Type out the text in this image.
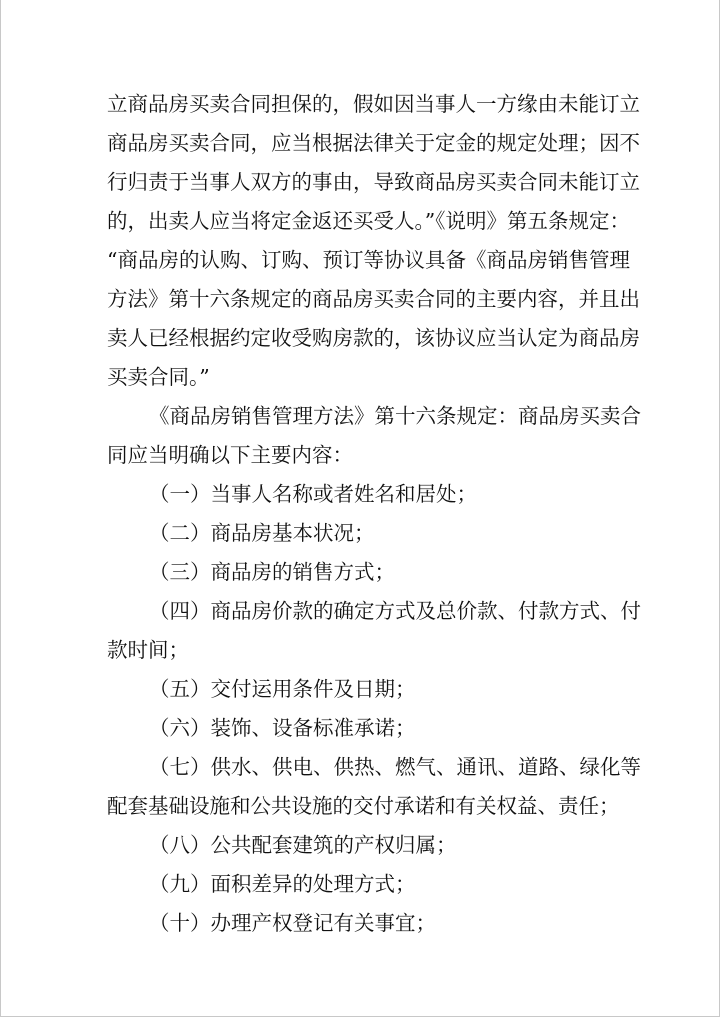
立商品房买卖合同担保的，假如因当事人一方缘由未能订立
商品房买卖合同，应当根据法律关于定金的规定处理；因不
行归责于当事人双方的事由，导致商品房买卖合同未能订立
的，出卖人应当将定金返还买受人。”《说明》第五条规定：
“商品房的认购、订购、预订等协议具备《商品房销售管理
方法》第十六条规定的商品房买卖合同的主要内容，并且出
卖人已经根据约定收受购房款的，该协议应当认定为商品房
买卖合同。”
《商品房销售管理方法》第十六条规定：商品房买卖合
同应当明确以下主要内容：
（一）当事人名称或者姓名和居处；
（二）商品房基本状况；
（三）商品房的销售方式；
（四）商品房价款的确定方式及总价款、付款方式、付
款时间；
（五）交付运用条件及日期；
（六）装饰、设备标准承诺；
（七）供水、供电、供热、燃气、通讯、道路、绿化等
配套基础设施和公共设施的交付承诺和有关权益、责任；
（八）公共配套建筑的产权归属；
（九）面积差异的处理方式；
（十）办理产权登记有关事宜；
